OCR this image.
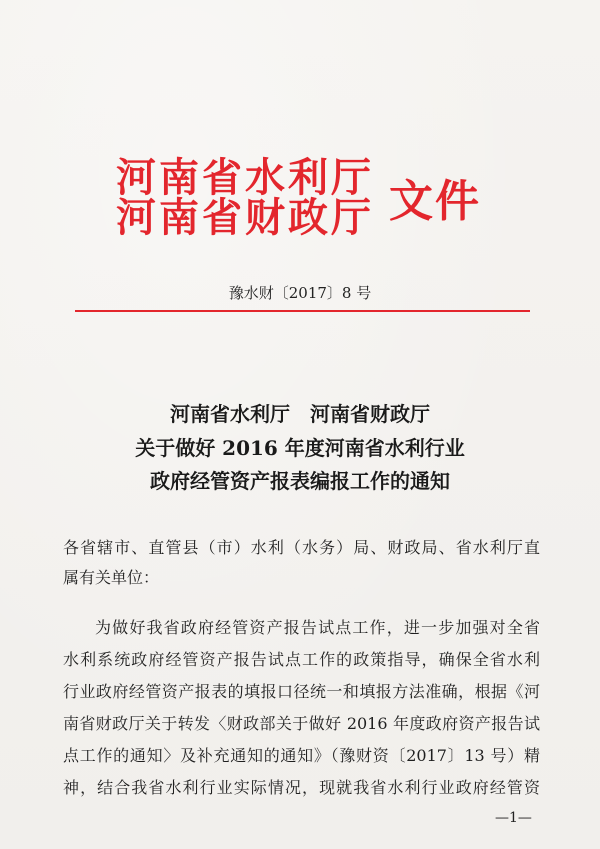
河南省水利厅
河南省财政厅 文件
豫水财〔2017〕8 号
河南省水利厅　河南省财政厅
关于做好 2016 年度河南省水利行业
政府经管资产报表编报工作的通知
各省辖市、直管县（市）水利（水务）局、财政局、省水利厅直
属有关单位：
为做好我省政府经管资产报告试点工作，进一步加强对全省
水利系统政府经管资产报告试点工作的政策指导，确保全省水利
行业政府经管资产报表的填报口径统一和填报方法准确，根据《河
南省财政厅关于转发〈财政部关于做好 2016 年度政府资产报告试
点工作的通知〉及补充通知的通知》（豫财资〔2017〕13 号）精
神，结合我省水利行业实际情况，现就我省水利行业政府经管资
—1—
